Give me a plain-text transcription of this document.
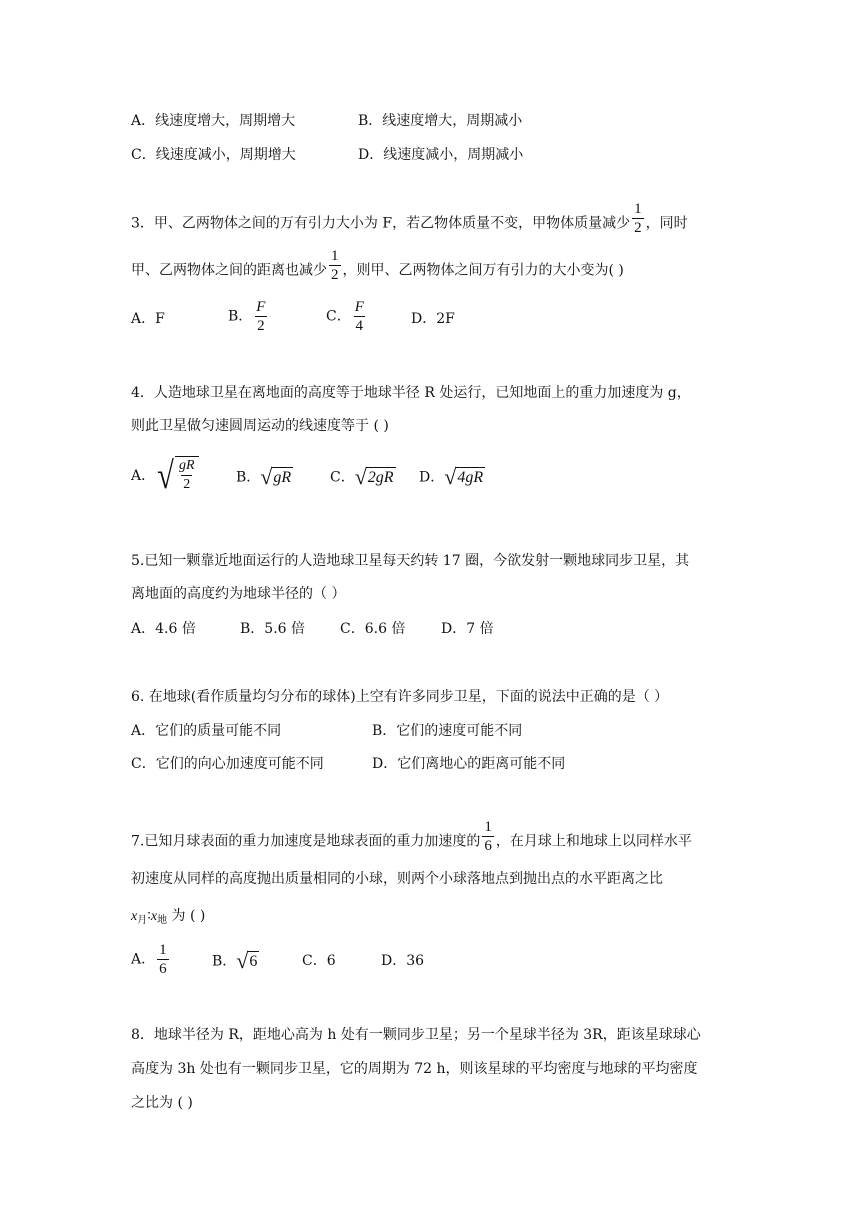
A．线速度增大，周期增大	B．线速度增大，周期减小
C．线速度减小，周期增大	D．线速度减小，周期减小
3．甲、乙两物体之间的万有引力大小为 F，若乙物体质量不变，甲物体质量减少 $\frac{1}{2}$ ，同时
甲、乙两物体之间的距离也减少 $\frac{1}{2}$ ，则甲、乙两物体之间万有引力的大小变为( )
A．F	B． $\frac{F}{2}$	C． $\frac{F}{4}$	D．2F
4．人造地球卫星在离地面的高度等于地球半径 R 处运行，已知地面上的重力加速度为 g，
则此卫星做匀速圆周运动的线速度等于 ( )
A． √ $\frac{gR}{2}$	B． √ gR	C． √ 2gR D． √ 4gR
5.已知一颗靠近地面运行的人造地球卫星每天约转 17 圈，今欲发射一颗地球同步卫星，其
离地面的高度约为地球半径的（ ）
A．4.6 倍	B．5.6 倍 C．6.6 倍	D．7 倍
6. 在地球(看作质量均匀分布的球体)上空有许多同步卫星，下面的说法中正确的是（ ）
A．它们的质量可能不同	B．它们的速度可能不同
C．它们的向心加速度可能不同	D．它们离地心的距离可能不同
7.已知月球表面的重力加速度是地球表面的重力加速度的 $\frac{1}{6}$ ，在月球上和地球上以同样水平
初速度从同样的高度抛出质量相同的小球，则两个小球落地点到抛出点的水平距离之比
$x_月∶x_地$ 为 ( )
A． $\frac{1}{6}$	B． √ 6	C．6	D．36
8．地球半径为 R，距地心高为 h 处有一颗同步卫星；另一个星球半径为 3R，距该星球球心
高度为 3h 处也有一颗同步卫星，它的周期为 72 h，则该星球的平均密度与地球的平均密度
之比为 ( )
